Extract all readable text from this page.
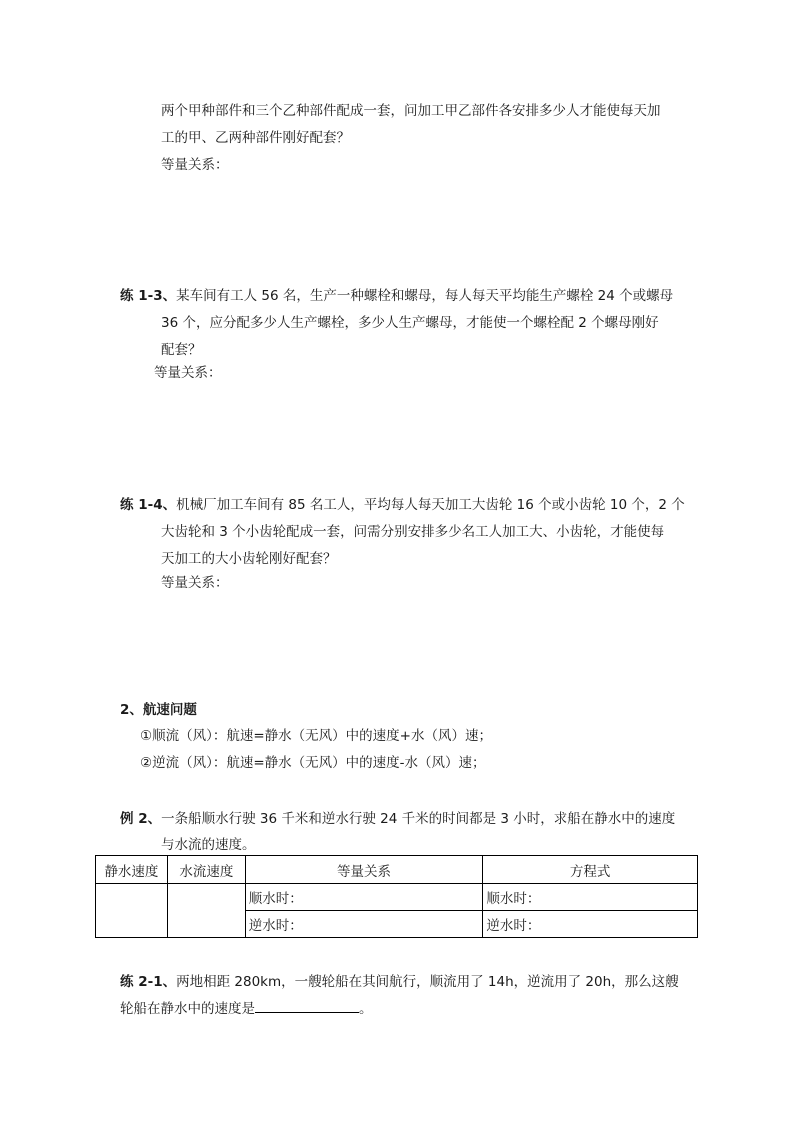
两个甲种部件和三个乙种部件配成一套，问加工甲乙部件各安排多少人才能使每天加
工的甲、乙两种部件刚好配套？
等量关系：
练 1-3、某车间有工人 56 名，生产一种螺栓和螺母，每人每天平均能生产螺栓 24 个或螺母
36 个，应分配多少人生产螺栓，多少人生产螺母，才能使一个螺栓配 2 个螺母刚好
配套？
等量关系：
练 1-4、机械厂加工车间有 85 名工人，平均每人每天加工大齿轮 16 个或小齿轮 10 个，2 个
大齿轮和 3 个小齿轮配成一套，问需分别安排多少名工人加工大、小齿轮，才能使每
天加工的大小齿轮刚好配套？
等量关系：
2、航速问题
①顺流（风）：航速=静水（无风）中的速度+水（风）速；
②逆流（风）：航速=静水（无风）中的速度-水（风）速；
例 2、一条船顺水行驶 36 千米和逆水行驶 24 千米的时间都是 3 小时，求船在静水中的速度
与水流的速度。
静水速度	水流速度	等量关系	方程式
		顺水时：	顺水时：
		逆水时：	逆水时：
练 2-1、两地相距 280km，一艘轮船在其间航行，顺流用了 14h，逆流用了 20h，那么这艘
轮船在静水中的速度是	。
